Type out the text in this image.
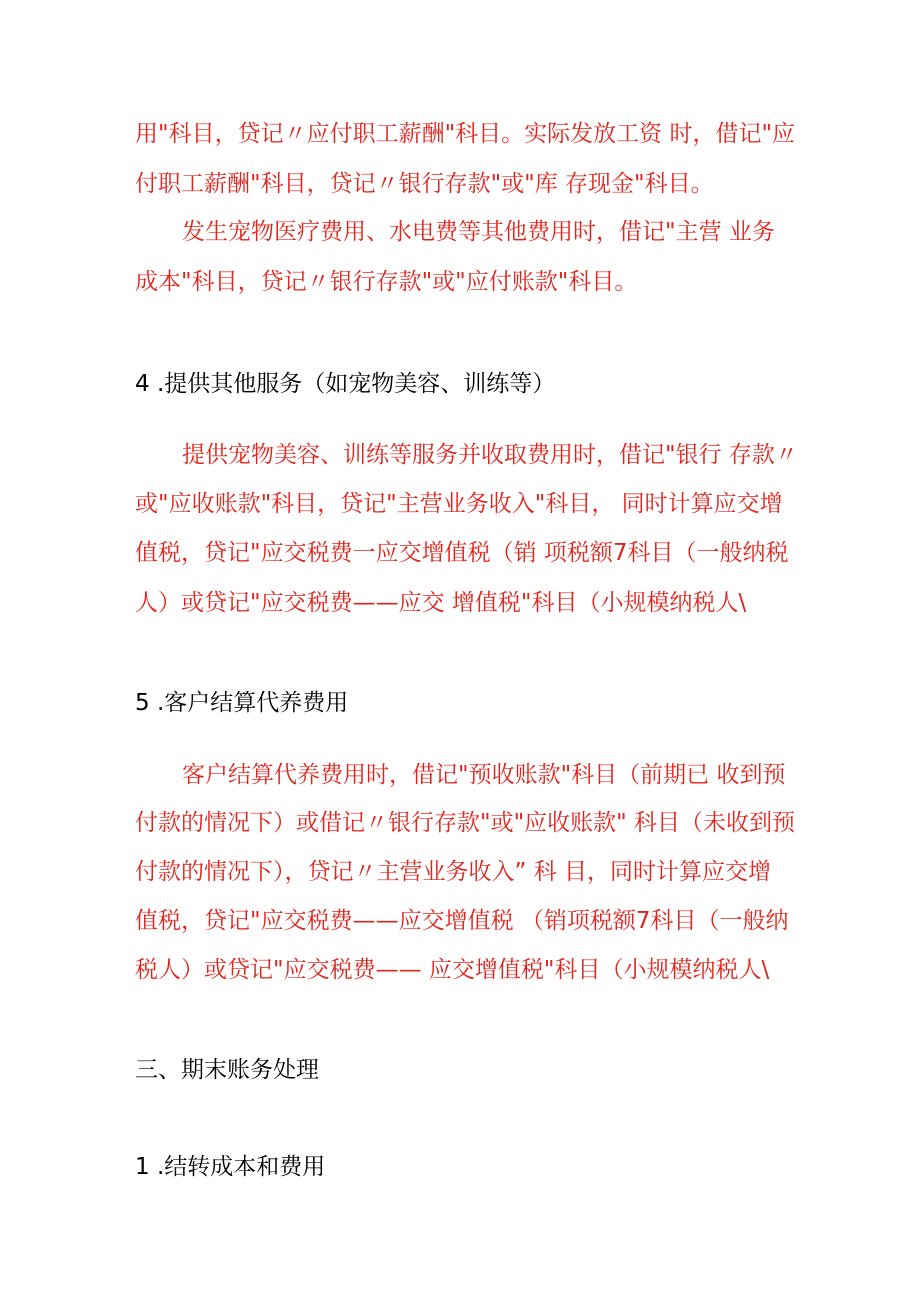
用"科目，贷记〃应付职工薪酬"科目。实际发放工资 时，借记"应

付职工薪酬"科目，贷记〃银行存款"或"库 存现金"科目。

发生宠物医疗费用、水电费等其他费用时，借记"主营 业务

成本"科目，贷记〃银行存款"或"应付账款"科目。

4 .提供其他服务（如宠物美容、训练等）

提供宠物美容、训练等服务并收取费用时，借记"银行 存款〃

或"应收账款"科目，贷记"主营业务收入"科目， 同时计算应交增

值税，贷记"应交税费一应交增值税（销 项税额7科目（一般纳税

人）或贷记"应交税费——应交 增值税"科目（小规模纳税人\

5 .客户结算代养费用

客户结算代养费用时，借记"预收账款"科目（前期已 收到预

付款的情况下）或借记〃银行存款"或"应收账款" 科目（未收到预

付款的情况下），贷记〃主营业务收入” 科 目，同时计算应交增

值税，贷记"应交税费——应交增值税 （销项税额7科目（一般纳

税人）或贷记"应交税费—— 应交增值税"科目（小规模纳税人\

三、期末账务处理

1 .结转成本和费用
